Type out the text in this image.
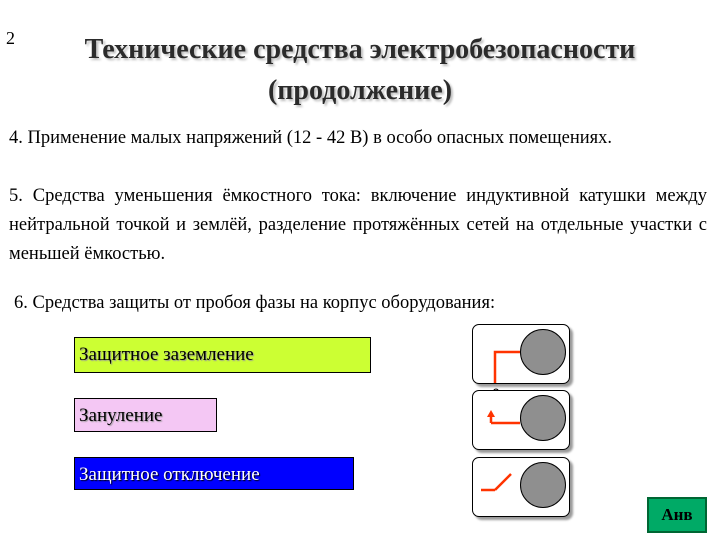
2	Технические средства электробезопасности
(продолжение)

4. Применение малых напряжений (12 - 42 В) в особо опасных помещениях.

5. Средства уменьшения ёмкостного тока: включение индуктивной катушки между нейтральной точкой и землёй, разделение протяжённых сетей на отдельные участки с меньшей ёмкостью.

6. Средства защиты от пробоя фазы на корпус оборудования:

Защитное заземление
Зануление
Защитное отключение
Анв
